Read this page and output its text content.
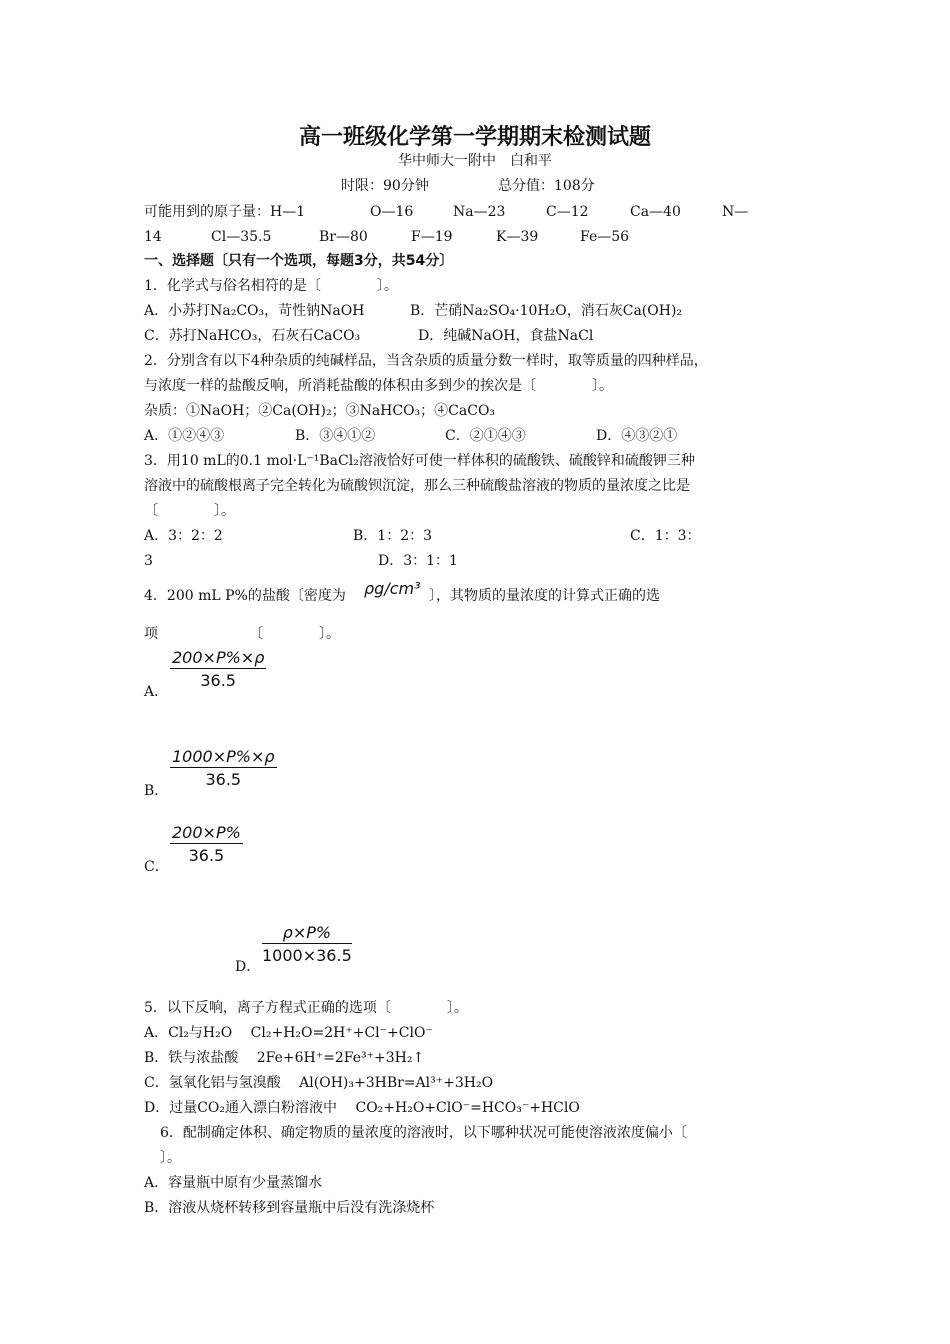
高一班级化学第一学期期末检测试题
华中师大一附中　白和平
时限：90分钟	总分值：108分
可能用到的原子量： H—1	O—16	Na—23	C—12	Ca—40	N—
14	Cl—35.5	Br—80	F—19	K—39	Fe—56
一、选择题〔只有一个选项，每题3分，共54分〕
1．化学式与俗名相符的是〔　　　　〕。
A．小苏打Na₂CO₃，苛性钠NaOH	B．芒硝Na₂SO₄·10H₂O，消石灰Ca(OH)₂
C．苏打NaHCO₃，石灰石CaCO₃	D．纯碱NaOH，食盐NaCl
2．分别含有以下4种杂质的纯碱样品，当含杂质的质量分数一样时，取等质量的四种样品，
与浓度一样的盐酸反响，所消耗盐酸的体积由多到少的挨次是〔　　　　〕。
杂质：①NaOH；②Ca(OH)₂；③NaHCO₃；④CaCO₃
A．①②④③	B．③④①②	C．②①④③	D．④③②①
3．用10 mL的0.1 mol·L⁻¹BaCl₂溶液恰好可使一样体积的硫酸铁、硫酸锌和硫酸钾三种
溶液中的硫酸根离子完全转化为硫酸钡沉淀，那么三种硫酸盐溶液的物质的量浓度之比是
〔　　　　〕。
A．3：2：2	B．1：2：3	C．1：3：
3	D．3：1：1
4．200 mL P%的盐酸〔密度为 ρg/cm³ 〕，其物质的量浓度的计算式正确的选
项　　　　　　　〔　　　　〕。
A．
$\frac{200\times P\%\times\rho}{36.5}$
B．
$\frac{1000\times P\%\times\rho}{36.5}$
C．
$\frac{200\times P\%}{36.5}$
D．
$\frac{\rho\times P\%}{1000\times 36.5}$
5．以下反响，离子方程式正确的选项〔　　　　〕。
A．Cl₂与H₂O　 Cl₂+H₂O=2H⁺+Cl⁻+ClO⁻
B．铁与浓盐酸　 2Fe+6H⁺=2Fe³⁺+3H₂↑
C．氢氧化铝与氢溴酸　 Al(OH)₃+3HBr=Al³⁺+3H₂O
D．过量CO₂通入漂白粉溶液中　 CO₂+H₂O+ClO⁻=HCO₃⁻+HClO
6．配制确定体积、确定物质的量浓度的溶液时，以下哪种状况可能使溶液浓度偏小〔
〕。
A．容量瓶中原有少量蒸馏水
B．溶液从烧杯转移到容量瓶中后没有洗涤烧杯
